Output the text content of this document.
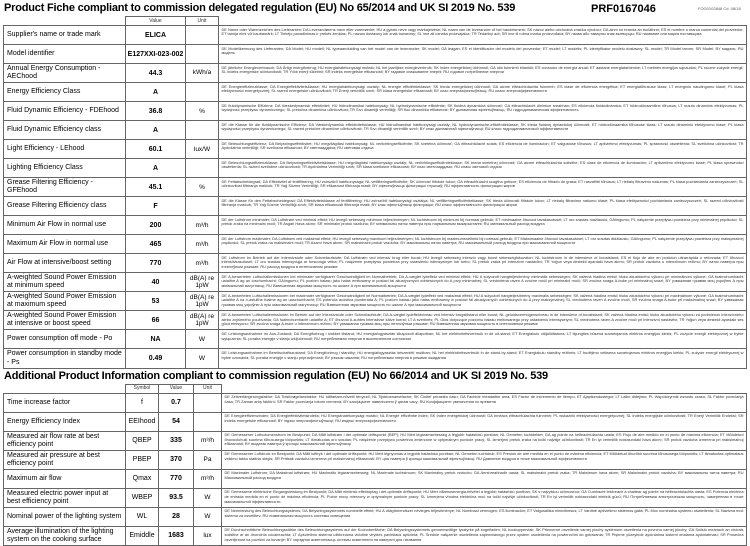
Product Fiche compliant to commission delegated regulation (EU) No 65/2014 and UK SI 2019 No. 539	PRF0167046	FOG0102848 Cd. 08/18
	Value	Unit	
Supplier's name or trade mark	ELICA		DE Name oder Warenzeichen des Lieferanten; DA Leverandørens navn eller varemærke; HU a gyártó neve vagy márkajelzése; NL naam van de leverancier of het handelsmerk; SK názov alebo obchodná značka výrobcu; GA ainm nó branda an tsoláthraí; ES el nombre o marca comercial del proveedor; ET tarnija nimi või kaubamärk; LT Tiekėjo pavadinimas ir prekės ženklas; PL nazwa dostawcy lub znak towarowy; SL ime ali oznaka proizvajalca; TR Tedarikçi adı; SR ime ili robna marka proizvođača; BY назва або таварны знак вытворцы; RU название или марка поставщика
Model identifier	E127XXI-023-002		DE Modellkennung des Lieferanten; DA Model; HU modell; NL typeaanduiding van het model van de leverancier; SK model; GA leagan; ES el identificador del modelo del proveedor; ET mudel; LT modelis; PL identyfikator modelu dostawcy; SL model; TR Model tanımı; SR Model; BY мадэль; RU модель
Annual Energy Consumption - AEChood	44.3	kWh/a	DE jährliche Energieverbrauch; DA Årligt energiforbrug; HU energiahatékonysági mutató; NL het jaarlijkse energieverbruik; SK index energetickej účinnosti; GA ídiú fuinnimh bliantúil; ES consumo de energía anual; ET aastane energiatarbimine; LT metinės energijos sąnaudos; PL roczne zużycie energii; SL indeks energetske učinkovitosti; TR Yıllık enerji tüketimi; SR indeks energetske efikasnosti; BY гадавое спажыванне энергіі; RU годовое потребление энергии
Energy Efficiency Class	A		DE Energieeffizienzklasse; DA Energieffektivitetsklasse; HU energiahatékonysági osztály; NL energie efficiëntieklasse; SK trieda energetickej účinnosti; GA aicme éifeachtúlachta fuinnimh; ES clase de eficiencia energética; ET energiatõhususe klass; LT energinio naudingumo klasė; PL klasa efektywności energetycznej; SL razred energetske učinkovitosti; TR Enerji verimlilik sınıfı; SR klasa energetske efikasnosti; BY клас энергаэфектыўнасці; RU класс энергоэффективности
Fluid Dynamic Efficiency - FDEhood	36.8	%	DE fluiddynamische Effizienz; DA Væskedynamisk effektivitet; HU hidrodinamikai hatékonyság; NL hydrodynamische efficiëntie; SK fluidná dynamická účinnosť; GA éifeachtúlacht dinimice sreabhán; ES eficiencia fluidodinámica; ET hüdrodünaamiline tõhusus; LT srauto dinaminis efektyvumas; PL wydajność przepływu dynamicznego; SL pretočna dinamična učinkovitost; TR Sıvı dinamiği verimliliği; SR fluo dinamička efikasnost; BY дынамічная эфектыўнасць; RU гидродинамическая эффективность
Fluid Dynamic Efficiency class	A		DE die Klasse für die fluiddynamische Effizienz; DA Væskedynamisk effektivitetsklasse; HU hidrodinamikai hatékonysági osztály; NL hydrodynamische-efficiëntieklasse; SK trieda fluidnej dynamickej účinnosti; ET hüdrodünaamika tõhususe klass; LT srauto dinaminio efektyvumo klasė; PL klasa wydajności przepływu dynamicznego; SL razred pretočne dinamične učinkovitosti; TR Sıvı dinamiği verimlilik sınıfı; BY клас дынамічнай эфектыўнасці; RU класс гидродинамической эффективности
Light Efficiency - LEhood	60.1	lux/W	DE Beleuchtungseffizienz; DA Belysningseffektivitet; HU megvilágítási hatékonyság; NL verlichtingsefficiëntie; SK svetelná účinnosť; GA éifeachtúlacht solais; ES eficiencia de iluminación; ET valgustuse tõhusus; LT apšvietimo efektyvumas; PL sprawność oświetlenia; SL svetlobna učinkovitost; TR Aydınlatma verimliliği; SR svetlosna efikasnost; BY светлааддача; RU световая отдача
Lighting Efficiency Class	A		DE Beleuchtungseffizienzklasse; DA Belysningseffektivitetsklasse; HU megvilágítási hatékonysági osztály; NL verlichtingsefficiëntieklasse; SK trieda svetelnej účinnosti; GA aicme éifeachtúlachta soilsithe; ES clase de eficiencia de iluminación; LT apšvietimo efektyvumo klasė; PL klasa sprawności oświetlenia; SL razred svetlobne učinkovitosti; TR Aydınlatma Verimliliği sınıfı; SR klasa svetlosne efikasnosti; BY клас светлааддачы; RU класс световой отдачи
Grease Filtering Efficiency - GFEhood	45.1	%	DE Fettabscheidegrad; DA Effektivitet af fedtfiltrering; HU zsírszűrő hatékonysága; NL vetfilteringsefficiëntie; SK účinnosť filtrácie tukov; GA éifeachtúlacht scagtha gréisce; ES eficiencia de filtrado de grasa; ET rasvafiltri tõhusus; LT riebalų filtravimo našumas; PL klasa pochłaniania zanieczyszczeń; SL učinkovitost filtriranja maščob; TR Yağ Süzme Verimliliği; SR efikasnost filtriranja masti; BY эфектыўнасць фільтрацыі тлушчаў; RU эффективность фильтрации жиров
Grease Filtering Efficiency class	F		DE die Klasse für den Fettabscheidegrad; DA Effektivitetsklasse af fedtfiltrering; HU zsírszűrő hatékonysági osztálya; NL vetfilteringsefficiëntieklasse; SK trieda účinnosti filtrácie tukov; LT riebalų filtravimo našumo klasė; PL klasa efektywności pochłaniania zanieczyszczeń; SL razred učinkovitosti filtriranja maščob; TR Yağ Süzme Verimliliği sınıfı; SR klasa efikasnosti filtriranja masti; BY клас эфектыўнасці фільтрацыі; RU класс эффективности фильтрации жиров
Minimum Air Flow in normal use	200	m³/h	DE der Luftstrom minimaler; DA Luftstrøm ved minimal effekt; HU levegő sebesség minimum teljesítményen; NL luchtstroom bij minimum bij normaal gebruik; ET minimaalne õhuvool tavakasutusel; LT oro srautas mažiausiu; GAlíngumu; PL natężenie przepływu powietrza przy minimalnej prędkości; SL pretok zraka na minimalni moči; TR Asgari Hava akımı; SR minimalni protok vazduha; BY мінімальны паток паветра пры нармальным выкарыстанні; RU минимальный расход воздуха
Maximum Air Flow in normal use	465	m³/h	DE der Luftstrom maximaler; DA Luftstrøm ved maksimal effekt; HU levegő sebesség maximum teljesítményen; NL luchtstroom bij maximumsnelheid bij normaal gebruik; ET Maksimaalne õhuvool tavakasutusel; LT oro srautas didžiausiu; GAlíngumu; PL natężenie przepływu powietrza przy maksymalnej prędkości; SL pretok zraka na maksimalni moči; TR Azami Hava akımı; SR maksimalni protok vazduha; BY максімальны паток паветра; RU максимальный расход воздуха при максимальной мощности
Air Flow at intensive/boost setting	770	m³/h	DE Luftstrom im Betrieb auf der Intensivstufe oder Schnellaufstufe; DA Luftstrøm ved intensiv brug eller boost; HU levegő sebesség intenzív vagy boost sebességfokozaton; NL luchtstroom in de intensieve of booststand; ES el flujo de aire en posicion ultrarrápida o reforzada; ET õhuvool intensiivkasutusel; LT oro srautas intensyviąja ar forsuotąja veika; PL natężenie przepływu powietrza przy ustawieniu intensywnym lub turbo; SL pretok zraka pri intenzivni nastavitvi; TR Yoğun veya destekli ayardaki hava akımı; SR protok vazduha u intenzivnom režimu; BY паток паветра пры інтэнсіўным рэжыме; RU расход воздуха в интенсивном режиме
A-weighted Sound Power Emission at minimum speed	40	dB(A) re 1pW	DE A-bewerteten Luftschallemissionen bei minimaler verfügbarer Geschwindigkeit im Normalbetrieb; DA A-vægtet lydeffekt ved minimal effekt; HU A súlyozott hangteljesítmény minimális sebességen; SK vážená hladina emisií hluku akustického výkonu pri minimálnom výkone; GA fuaimchumhacht ualaithe A ag an íoschumhacht; GAlíngumu; PL poziom hałasu jako hałas emitowany w postaci fal akustycznych odniesionych do A przy minimalnej; SL vrednotena raven A zvočne moči pri minimalni moči; SR zvučna snaga A-buke pri minimalnoj snazi; BY узважаная гукавая моц узроўню А пры мінімальнай магутнасці; RU Взвешенная звуковая мощность по шкале А при минимальной мощности
A-weighted Sound Power Emission at maximum speed	53	dB(A) re 1pW	DE A-bewerteten Luftschallemissionen bei maximaler verfügbarer Geschwindigkeit im Normalbetrieb; DA A-vægtet lydeffekt ved maksimal effekt; HU A súlyozott hangteljesítmény maximális sebességen; SK vážená hladina emisií hluku akustického výkonu pri maximálnom výkone; GA fuaimchumhacht ualaithe A na n-astuithe fuaime ag an uaschumhacht; ES potencia acústica ponderada A; PL poziom hałasu jako hałas emitowany w postaci fal akustycznych odniesionych do A przy maksymalnej; SL vrednotena raven A zvočne moči; SR zvučna snaga A-buke pri maksimalnoj snazi; BY узважаная гукавая моц узроўню А пры максімальнай магутнасці; RU Взвешенная звуковая мощность по шкале А при максимальной мощности
A-weighted Sound Power Emission at intensive or boost speed	66	dB(A) re 1pW	DE A-bewerteten Luftschallemissionen im Betrieb auf der Intensivstufe oder Schnellaufstufe; DA A-vægtet lydeffektniveau ved intensiv brugstilstand eller boost; NL geluidsvermogensniveau in de intensieve of booststand; SK vážená hladina emisií hluku akustického výkonu za podmienok intenzívneho alebo zvýšeného používania; GA fuaimchumhacht ualaithe A; ET õhuvool A-suhtes intensiivse käive korral; LT A svertinės; PL Głos dotyczące poziomu hałasu emitowanego przy ustawieniu intensywnym; SL vrednotena raven A zvočne moči pri intenzivni nastavitvi; TR Yoğun veya destekli ayardaki ses gücü emisyonu; SR zvučna snaga A-buke u intenzivnom režimu; BY узважаная гукавая моц пры інтэнсіўным рэжыме; RU Взвешенная звуковая мощность в интенсивном режиме
Power consumption off mode - Po	NA	W	DE Leistungsaufnahme im Aus-Zustand; DA Energiforbrug i slukket tilstand; HU energiafogyasztás kikapcsolt állapotban; NL het elektriciteitsverbruik in de uit-stand; ET Energiakulu väljalülitatuna; LT išjungties būsena suvartojamos elektros energijos kiekis; PL zużycie energii elektrycznej w trybie wyłączenia; SL poraba energije v stanju izključenosti; RU потребляемая энергия в выключенном состоянии
Power consumption in standby mode - Ps	0.49	W	DE Leistungsaufnahme im Bereitschaftszustand; DA Energiforbrug i standby; HU energiafogyasztás készenléti módban; NL het elektriciteitsverbruik in de stand-by-stand; ET Energiakulu standby režiimis; LT budėjimo veiksena suvartojamos elektros energijos kiekis; PL zużycie energii elektrycznej w trybie czuwania; SL poraba energije v stanju pripravljenosti; BY рэжым чакання; RU потребляемая энергия в режиме ожидания
Additional Product Information compliant to commission regulation (EU) No 66/2014 and UK SI 2019 No. 539
	Symbol	Value	Unit	
Time increase factor	f	0.7		DE Zeitverlängerungsfaktor; DA Tidsforøgelsesfaktor; HU időtartam-növelő tényező; NL Tijdstoenamefactor; SK Činiteľ prírastku času; GA Fachtóir méadaithe ama; ES Factor de incremento de tiempo; ET Ajapikendustegur; LT Laiko didėjimo; PL Współczynnik wzrostu czasu; SL Faktor povečanja časa; TR Zaman artış faktörü; SR Faktor povećanja tokom vremena; BY каэфіцыент павелічэння ў цягам часу; RU Коэффициент увеличения по времени
Energy Efficiency Index	EEIhood	54		DE Energieeffizienzindex; DA Energieffektivitetsindeks; HU Energiahatékonysági mutató; NL Energie efficiëntie index; SK Index energetickej účinnosti; GA Innéacs éifeachtúlachta fuinnimh; PL wskaźnik efektywności energetycznej; SL Indeks energijske učinkovitosti; TR Enerji Verimlilik Endeksi; SR indeks energetske efikasnosti; BY індэкс энергаэфектыўнасці; RU индекс энергоэффективности
Measured air flow rate at best efficiency point	QBEP	335	m³/h	DE Gemessener Luftvolumenstrom im Bestpunkt; DA Målt luftstrøm i det optimale driftspunkt (BEP); HU Mért légáramsebesség a legjobb hatásfokú pontban; NL Gemeten luchtdebiet; GA ag pointe na héifeachtúlachta uasta; ES Flujo de aire medido en el punto de máxima eficiencia; ET Mõõdetud õhuvooluhulk suurima tõhususega tööpunktis; LT išmatuotas oro srautas; PL natężenie przepływu powietrza zmierzone w optymalnym punkcie pracy; SL izmerjeni pretok zraka na točki najvišje učinkovitosti; TR En iyi verimlilik noktasındaki hava akımı; SR protok vazduha izmerena pri maksimalnoj efikasnosti; BY выдатак паветра ў кропцы максімальнай эфектыўнасці
Measured air pressure at best efficiency point	PBEP	370	Pa	DE Gemessener Luftdruck im Bestpunkt; DA Målt lufttryk i det optimale driftspunkt; HU Mért légnyomás a legjobb hatásfokú pontban; NL Gemeten luchtdruk; ES Presión de aire medida en el punto de máxima eficiencia; ET Mõõdetud õhurõhk suurima tõhususega tööpunktis; LT išmatuotas optimalaus veikimo taško statinis slėgis; SR Pritisak vazduha izmerena pri maksimalnoj efikasnosti; BY ціск паветра ў кропцы максімальнай эфектыўнасці; RU Давление воздуха в точке максимальной эффективности
Maximum air flow	Qmax	770	m³/h	DE Maximaler Luftstrom; DA Maksimal luftstrøm; HU Maximális légáramsebesség; NL Maximale luchtstroom; SK Maximálny pretok vzduchu; GA Aershreabhadh uasta; SL maksimalni pretok zraka; TR Maksimum hava akımı; SR Maksimalni protok vazduha; BY максімальны паток паветра; RU Максимальный расход воздуха
Measured electric power input at best efficiency point	WBEP	93.5	W	DE Gemessene elektrische Eingangsleistung im Bestpunkt; DA Målt elektrisk effektoptag i det optimale driftspunkt; HU Mért villamosenergia-felvétel a legjobb hatásfokú pontban; SK s najvyššou účinnosťou; GA Cumhacht leictreach a chaitear ag pointe na héifeachtúlachta uasta; ES Potencia eléctrica de entrada medida en el punto de máxima eficiencia; PL Pobór mocy mierzony w optymalnym punkcie pracy; SL Izmerjena vhodna električna moč na točki najvišje učinkovitosti; TR En iyi verimlilik noktasındaki elektrik gücü; RU Потребляемая электрическая мощность, замеренная в точке максимальной эффективности
Nominal power of the lighting system	WL	28	W	DE Nennleistung des Beleuchtungssystems; DA Belysningssystemets nominelle effekt; HU A világítórendszer névleges teljesítménye; NL Nominaal vermogen; ES iluminación; ET Valgusallika nimivõimsus; LT Vardinė apšvietimo sistemos galia; PL Moc nominalna systemu oświetlenia; SL Nazivna moč sistema za osvetlitev; RU номинальная мощность системы освещения
Average illumination of the lighting system on the cooking surface	Emiddle	1683	lux	DE Durchschnittliche Beleuchtungsstärke des Beleuchtungssystems auf der Kochoberfläche; DA Belysningssystemets gennemsnitlige lysstyrke på kogefladen; NL kookoppervlak; SK Priemerné osvetlenie varnej plochy systémom osvetlenia na povrchu varnej plochy; GA Soilsiú meánach an chórais soilsithe ar an dromchla cócaireachta; LT Apšvietimo sistema užtikrinama vidutinė viryklės paviršiaus apšvieta; PL Średnie natężenie oświetlenia zapewnianego przez system oświetlenia na powierzchni do gotowania; TR Pişirme yüzeyinde aydınlatma sistemi ortalama aydınlatması; SR Prosečna osvetljenost na površini za kuvanje; BY сярэдняя асветленасць сістэмы асвятлення на паверхні для гатавання
